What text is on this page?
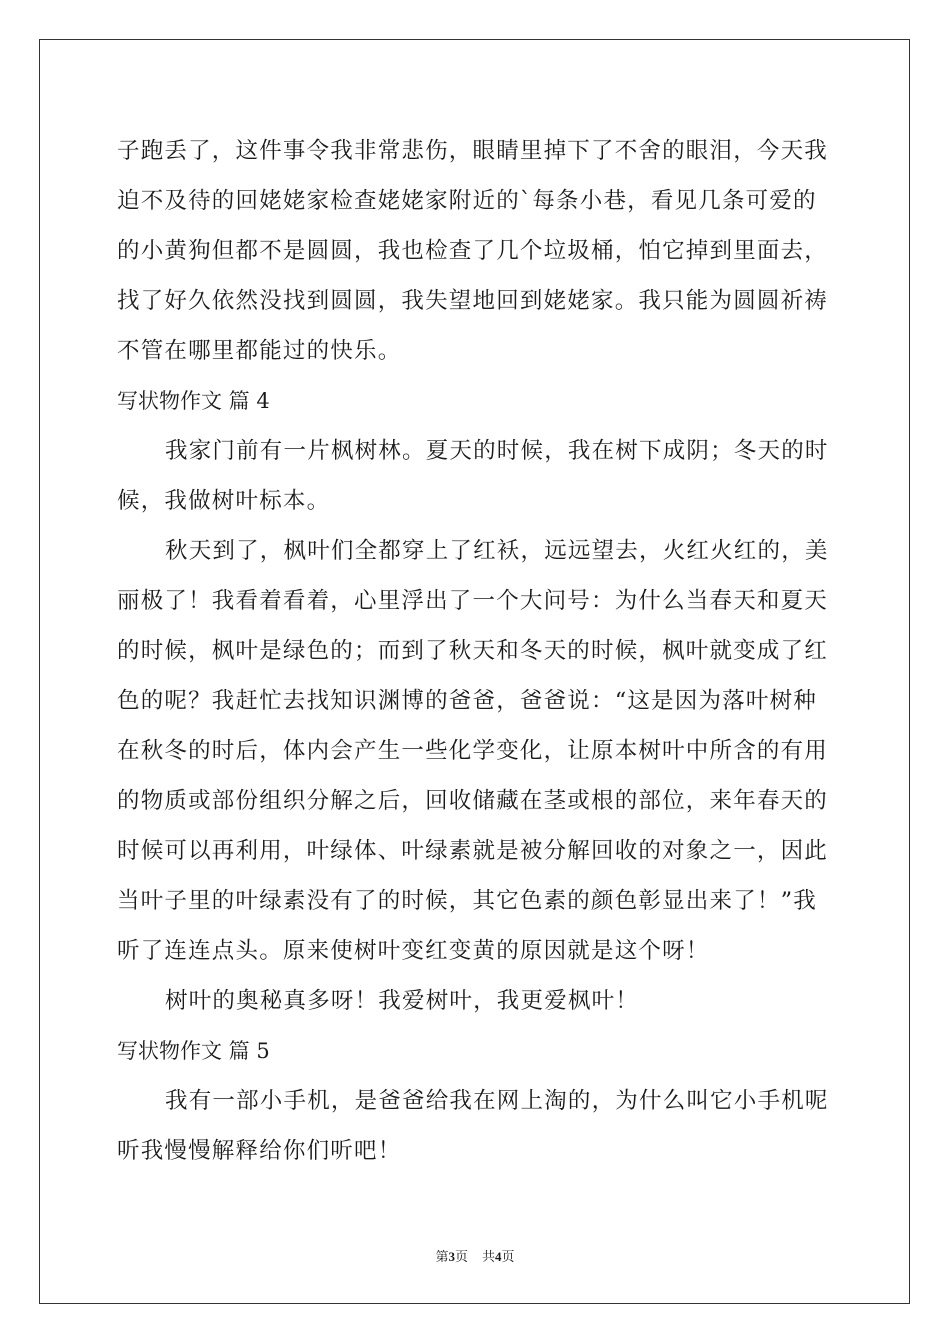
子跑丢了，这件事令我非常悲伤，眼睛里掉下了不舍的眼泪，今天我
迫不及待的回姥姥家检查姥姥家附近的`每条小巷，看见几条可爱的
的小黄狗但都不是圆圆，我也检查了几个垃圾桶，怕它掉到里面去，
找了好久依然没找到圆圆，我失望地回到姥姥家。我只能为圆圆祈祷
不管在哪里都能过的快乐。
写状物作文 篇 4
我家门前有一片枫树林。夏天的时候，我在树下成阴；冬天的时
候，我做树叶标本。
秋天到了，枫叶们全都穿上了红袄，远远望去，火红火红的，美
丽极了！我看着看着，心里浮出了一个大问号：为什么当春天和夏天
的时候，枫叶是绿色的；而到了秋天和冬天的时候，枫叶就变成了红
色的呢？我赶忙去找知识渊博的爸爸，爸爸说：“这是因为落叶树种
在秋冬的时后，体内会产生一些化学变化，让原本树叶中所含的有用
的物质或部份组织分解之后，回收储藏在茎或根的部位，来年春天的
时候可以再利用，叶绿体、叶绿素就是被分解回收的对象之一，因此
当叶子里的叶绿素没有了的时候，其它色素的颜色彰显出来了！”我
听了连连点头。原来使树叶变红变黄的原因就是这个呀！
树叶的奥秘真多呀！我爱树叶，我更爱枫叶！
写状物作文 篇 5
我有一部小手机，是爸爸给我在网上淘的，为什么叫它小手机呢
听我慢慢解释给你们听吧！
第3页 共4页
